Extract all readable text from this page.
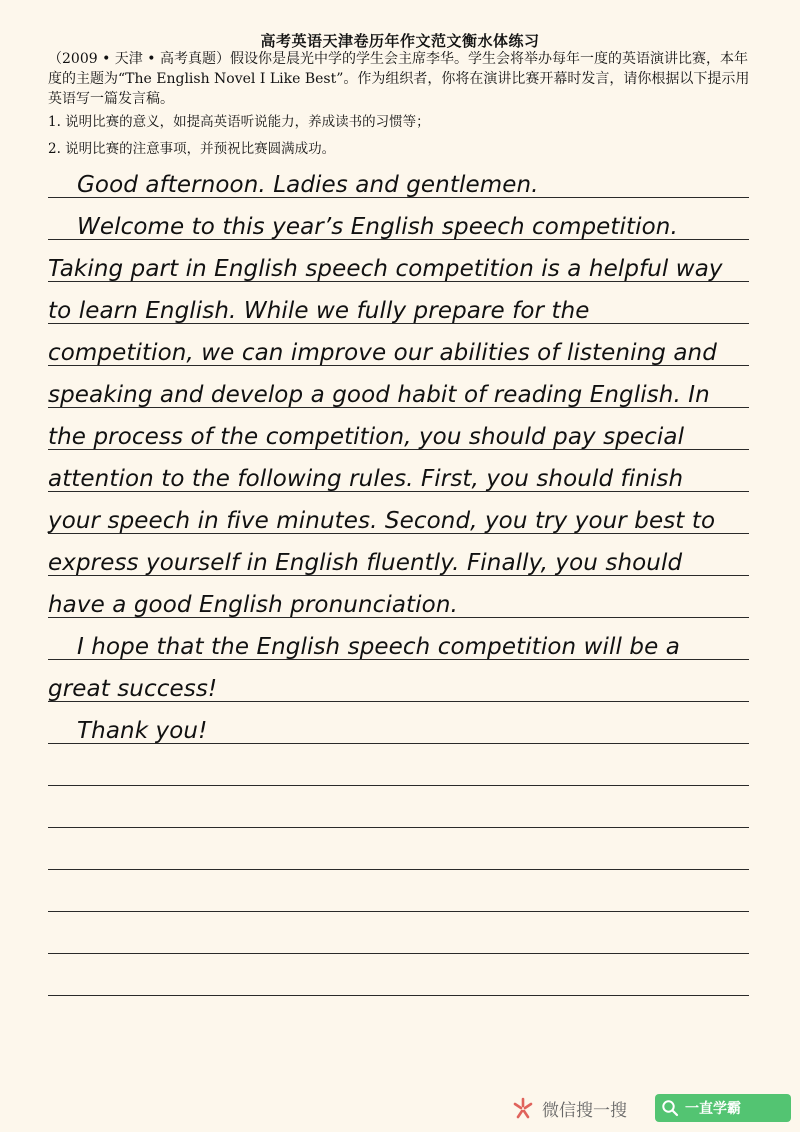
高考英语天津卷历年作文范文衡水体练习

（2009 • 天津 • 高考真题）假设你是晨光中学的学生会主席李华。学生会将举办每年一度的英语演讲比赛，本年度的主题为“The English Novel I Like Best”。作为组织者，你将在演讲比赛开幕时发言，请你根据以下提示用英语写一篇发言稿。

1. 说明比赛的意义，如提高英语听说能力，养成读书的习惯等；

2. 说明比赛的注意事项，并预祝比赛圆满成功。

Good afternoon. Ladies and gentlemen.
Welcome to this year’s English speech competition.
Taking part in English speech competition is a helpful way
to learn English. While we fully prepare for the
competition, we can improve our abilities of listening and
speaking and develop a good habit of reading English. In
the process of the competition, you should pay special
attention to the following rules. First, you should finish
your speech in five minutes. Second, you try your best to
express yourself in English fluently. Finally, you should
have a good English pronunciation.
I hope that the English speech competition will be a
great success!
Thank you!
微信搜一搜	一直学霸
